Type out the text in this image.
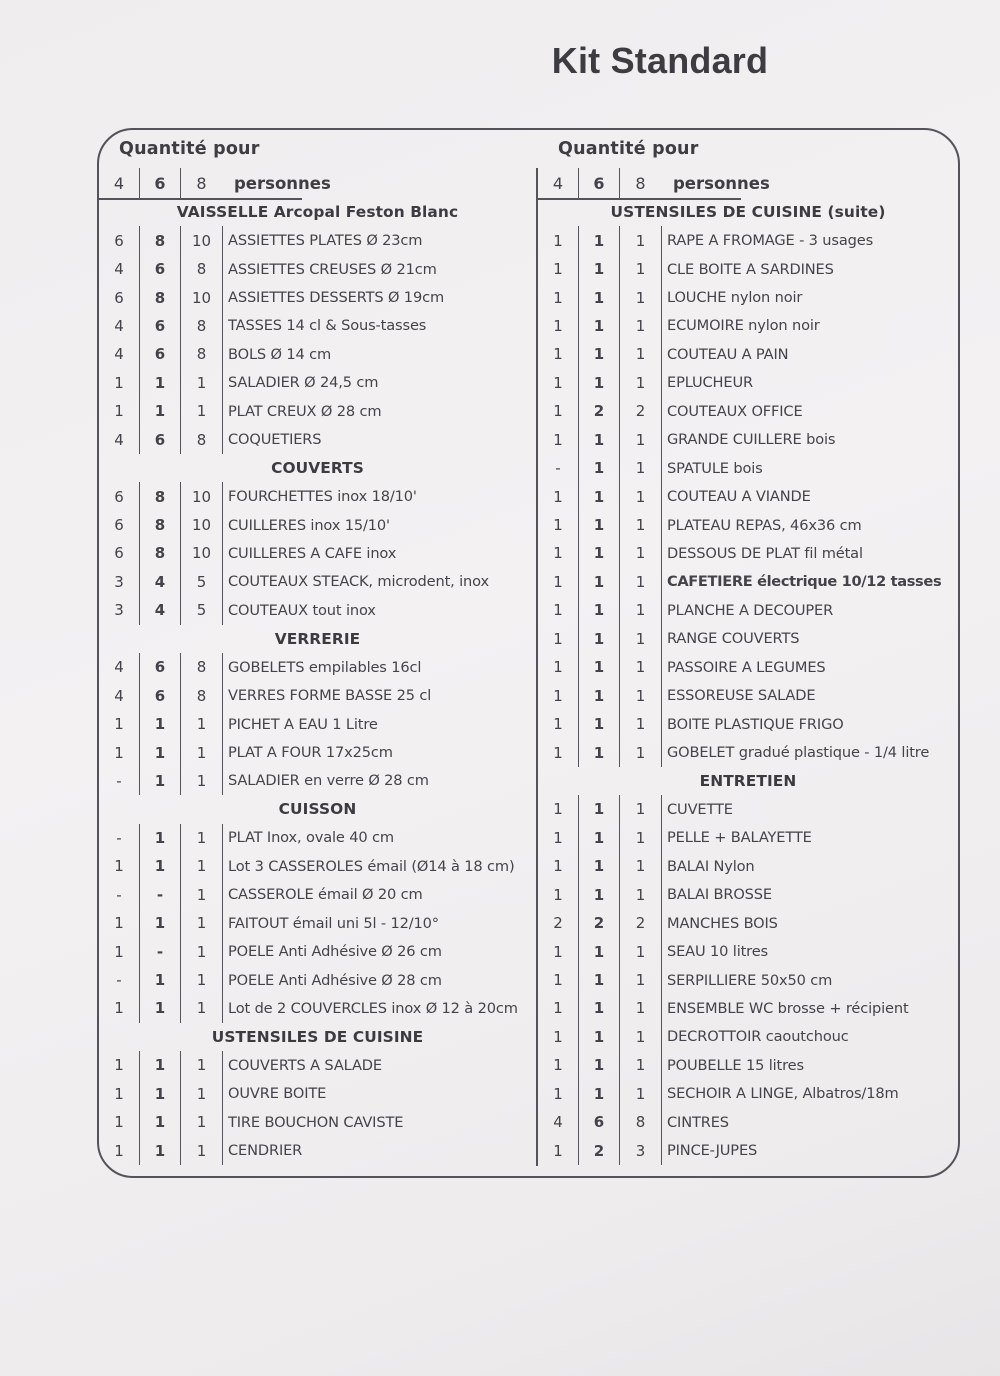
Kit Standard
Quantité pour
4	6	8	personnes
VAISSELLE Arcopal Feston Blanc
6	8	10	ASSIETTES PLATES Ø 23cm
4	6	8	ASSIETTES CREUSES Ø 21cm
6	8	10	ASSIETTES DESSERTS Ø 19cm
4	6	8	TASSES 14 cl & Sous-tasses
4	6	8	BOLS Ø 14 cm
1	1	1	SALADIER Ø 24,5 cm
1	1	1	PLAT CREUX Ø 28 cm
4	6	8	COQUETIERS
COUVERTS
6	8	10	FOURCHETTES inox 18/10'
6	8	10	CUILLERES inox 15/10'
6	8	10	CUILLERES A CAFE inox
3	4	5	COUTEAUX STEACK, microdent, inox
3	4	5	COUTEAUX tout inox
VERRERIE
4	6	8	GOBELETS empilables 16cl
4	6	8	VERRES FORME BASSE 25 cl
1	1	1	PICHET A EAU 1 Litre
1	1	1	PLAT A FOUR 17x25cm
-	1	1	SALADIER en verre Ø 28 cm
CUISSON
-	1	1	PLAT Inox, ovale 40 cm
1	1	1	Lot 3 CASSEROLES émail (Ø14 à 18 cm)
-	-	1	CASSEROLE émail Ø 20 cm
1	1	1	FAITOUT émail uni 5l - 12/10°
1	-	1	POELE Anti Adhésive Ø 26 cm
-	1	1	POELE Anti Adhésive Ø 28 cm
1	1	1	Lot de 2 COUVERCLES inox Ø 12 à 20cm
USTENSILES DE CUISINE
1	1	1	COUVERTS A SALADE
1	1	1	OUVRE BOITE
1	1	1	TIRE BOUCHON CAVISTE
1	1	1	CENDRIER
Quantité pour
4	6	8	personnes
USTENSILES DE CUISINE (suite)
1	1	1	RAPE A FROMAGE - 3 usages
1	1	1	CLE BOITE A SARDINES
1	1	1	LOUCHE nylon noir
1	1	1	ECUMOIRE nylon noir
1	1	1	COUTEAU A PAIN
1	1	1	EPLUCHEUR
1	2	2	COUTEAUX OFFICE
1	1	1	GRANDE CUILLERE bois
-	1	1	SPATULE bois
1	1	1	COUTEAU A VIANDE
1	1	1	PLATEAU REPAS, 46x36 cm
1	1	1	DESSOUS DE PLAT fil métal
1	1	1	CAFETIERE électrique 10/12 tasses
1	1	1	PLANCHE A DECOUPER
1	1	1	RANGE COUVERTS
1	1	1	PASSOIRE A LEGUMES
1	1	1	ESSOREUSE SALADE
1	1	1	BOITE PLASTIQUE FRIGO
1	1	1	GOBELET gradué plastique - 1/4 litre
ENTRETIEN
1	1	1	CUVETTE
1	1	1	PELLE + BALAYETTE
1	1	1	BALAI Nylon
1	1	1	BALAI BROSSE
2	2	2	MANCHES BOIS
1	1	1	SEAU 10 litres
1	1	1	SERPILLIERE 50x50 cm
1	1	1	ENSEMBLE WC brosse + récipient
1	1	1	DECROTTOIR caoutchouc
1	1	1	POUBELLE 15 litres
1	1	1	SECHOIR A LINGE, Albatros/18m
4	6	8	CINTRES
1	2	3	PINCE-JUPES
